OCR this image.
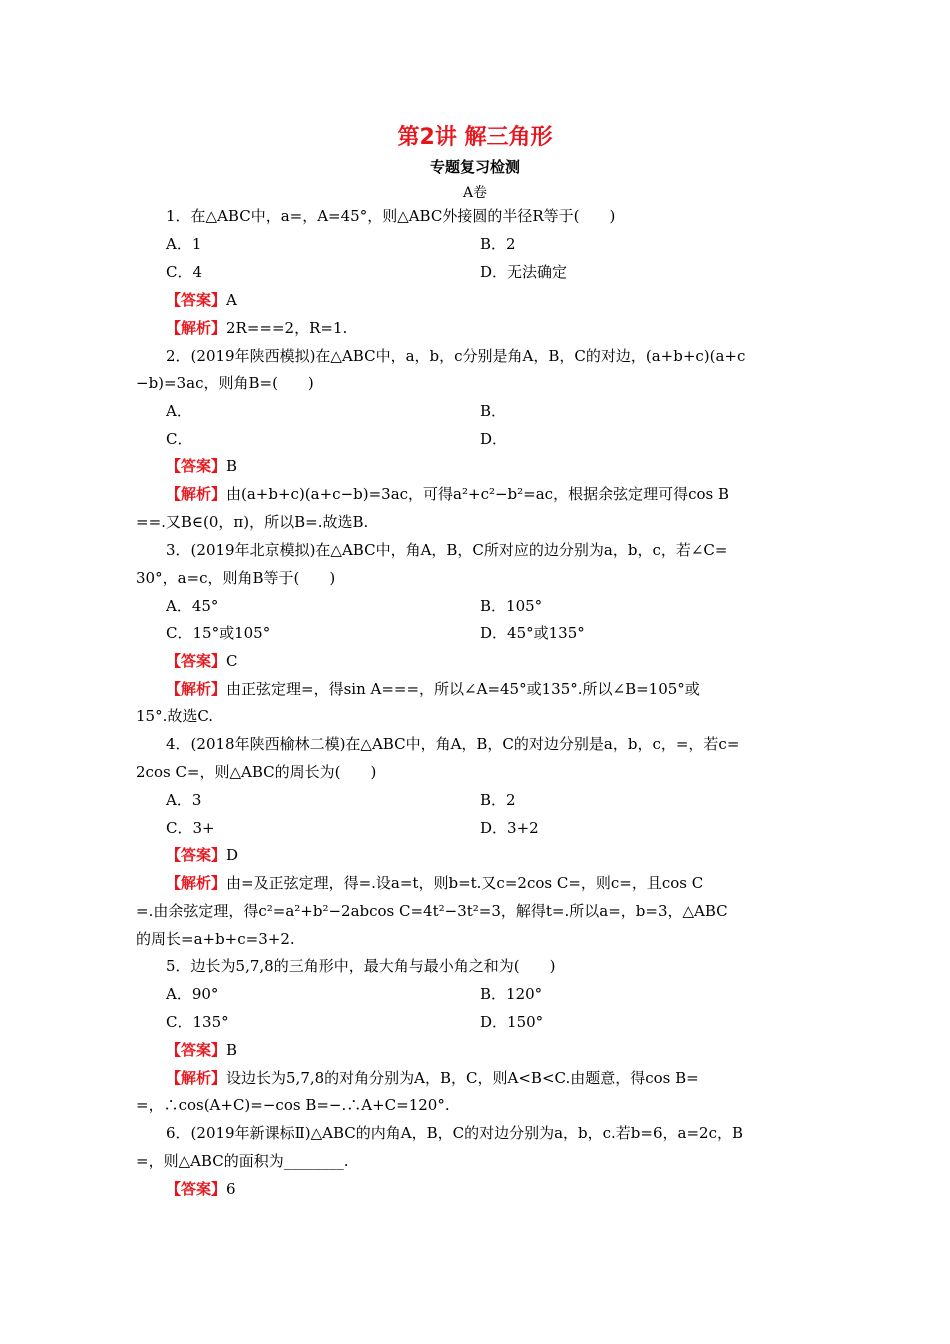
第2讲 解三角形
专题复习检测
A卷
1．在△ABC中，a=，A=45°，则△ABC外接圆的半径R等于(　　)
A．1	B．2
C．4	D．无法确定
【答案】A
【解析】2R===2，R=1.
2．(2019年陕西模拟)在△ABC中，a，b，c分别是角A，B，C的对边，(a+b+c)(a+c
−b)=3ac，则角B=(　　)
A．	B．
C．	D．
【答案】B
【解析】由(a+b+c)(a+c−b)=3ac，可得a²+c²−b²=ac，根据余弦定理可得cos B
==.又B∈(0，π)，所以B=.故选B.
3．(2019年北京模拟)在△ABC中，角A，B，C所对应的边分别为a，b，c，若∠C=
30°，a=c，则角B等于(　　)
A．45°	B．105°
C．15°或105°	D．45°或135°
【答案】C
【解析】由正弦定理=，得sin A===，所以∠A=45°或135°.所以∠B=105°或
15°.故选C.
4．(2018年陕西榆林二模)在△ABC中，角A，B，C的对边分别是a，b，c，=，若c=
2cos C=，则△ABC的周长为(　　)
A．3	B．2
C．3+	D．3+2
【答案】D
【解析】由=及正弦定理，得=.设a=t，则b=t.又c=2cos C=，则c=，且cos C
=.由余弦定理，得c²=a²+b²−2abcos C=4t²−3t²=3，解得t=.所以a=，b=3，△ABC
的周长=a+b+c=3+2.
5．边长为5,7,8的三角形中，最大角与最小角之和为(　　)
A．90°	B．120°
C．135°	D．150°
【答案】B
【解析】设边长为5,7,8的对角分别为A，B，C，则A<B<C.由题意，得cos B=
=，∴cos(A+C)=−cos B=−.∴A+C=120°.
6．(2019年新课标Ⅱ)△ABC的内角A，B，C的对边分别为a，b，c.若b=6，a=2c，B
=，则△ABC的面积为________.
【答案】6
